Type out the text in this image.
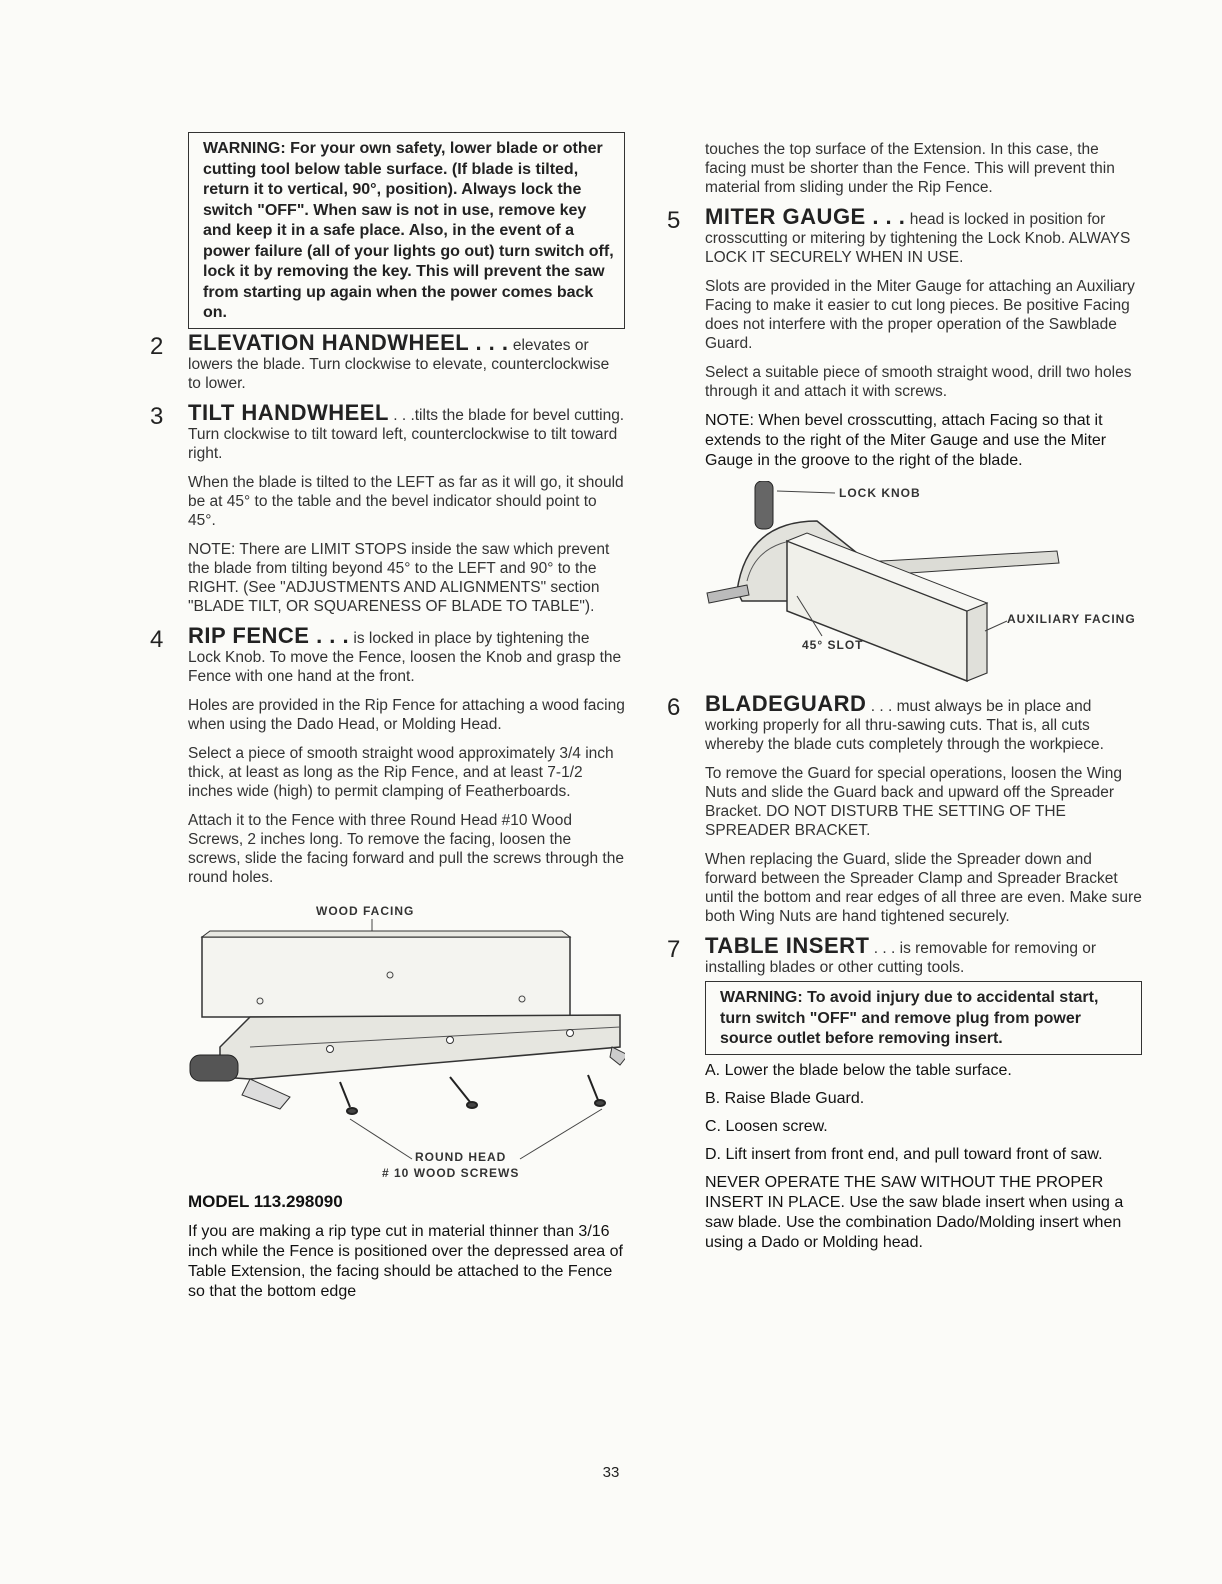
WARNING: For your own safety, lower blade or other cutting tool below table surface. (If blade is tilted, return it to vertical, 90°, position). Always lock the switch "OFF". When saw is not in use, remove key and keep it in a safe place. Also, in the event of a power failure (all of your lights go out) turn switch off, lock it by removing the key. This will prevent the saw from starting up again when the power comes back on.
2 ELEVATION HANDWHEEL . . . elevates or lowers the blade. Turn clockwise to elevate, counterclockwise to lower.

3 TILT HANDWHEEL . . .tilts the blade for bevel cutting. Turn clockwise to tilt toward left, counterclockwise to tilt toward right.

When the blade is tilted to the LEFT as far as it will go, it should be at 45° to the table and the bevel indicator should point to 45°.

NOTE: There are LIMIT STOPS inside the saw which prevent the blade from tilting beyond 45° to the LEFT and 90° to the RIGHT. (See "ADJUSTMENTS AND ALIGNMENTS" section "BLADE TILT, OR SQUARENESS OF BLADE TO TABLE").

4 RIP FENCE . . . is locked in place by tightening the Lock Knob. To move the Fence, loosen the Knob and grasp the Fence with one hand at the front.

Holes are provided in the Rip Fence for attaching a wood facing when using the Dado Head, or Molding Head.

Select a piece of smooth straight wood approximately 3/4 inch thick, at least as long as the Rip Fence, and at least 7-1/2 inches wide (high) to permit clamping of Featherboards.

Attach it to the Fence with three Round Head #10 Wood Screws, 2 inches long. To remove the facing, loosen the screws, slide the facing forward and pull the screws through the round holes.

WOOD FACING
ROUND HEAD
# 10 WOOD SCREWS
MODEL 113.298090

If you are making a rip type cut in material thinner than 3/16 inch while the Fence is positioned over the depressed area of Table Extension, the facing should be attached to the Fence so that the bottom edge

touches the top surface of the Extension. In this case, the facing must be shorter than the Fence. This will prevent thin material from sliding under the Rip Fence.

5 MITER GAUGE . . . head is locked in position for crosscutting or mitering by tightening the Lock Knob. ALWAYS LOCK IT SECURELY WHEN IN USE.

Slots are provided in the Miter Gauge for attaching an Auxiliary Facing to make it easier to cut long pieces. Be positive Facing does not interfere with the proper operation of the Sawblade Guard.

Select a suitable piece of smooth straight wood, drill two holes through it and attach it with screws.

NOTE: When bevel crosscutting, attach Facing so that it extends to the right of the Miter Gauge and use the Miter Gauge in the groove to the right of the blade.

LOCK KNOB
AUXILIARY FACING
45° SLOT
6 BLADEGUARD . . . must always be in place and working properly for all thru-sawing cuts. That is, all cuts whereby the blade cuts completely through the workpiece.

To remove the Guard for special operations, loosen the Wing Nuts and slide the Guard back and upward off the Spreader Bracket. DO NOT DISTURB THE SETTING OF THE SPREADER BRACKET.

When replacing the Guard, slide the Spreader down and forward between the Spreader Clamp and Spreader Bracket until the bottom and rear edges of all three are even. Make sure both Wing Nuts are hand tightened securely.

7 TABLE INSERT . . . is removable for removing or installing blades or other cutting tools.

WARNING: To avoid injury due to accidental start, turn switch "OFF" and remove plug from power source outlet before removing insert.

A. Lower the blade below the table surface.

B. Raise Blade Guard.

C. Loosen screw.

D. Lift insert from front end, and pull toward front of saw.

NEVER OPERATE THE SAW WITHOUT THE PROPER INSERT IN PLACE. Use the saw blade insert when using a saw blade. Use the combination Dado/Molding insert when using a Dado or Molding head.

33
